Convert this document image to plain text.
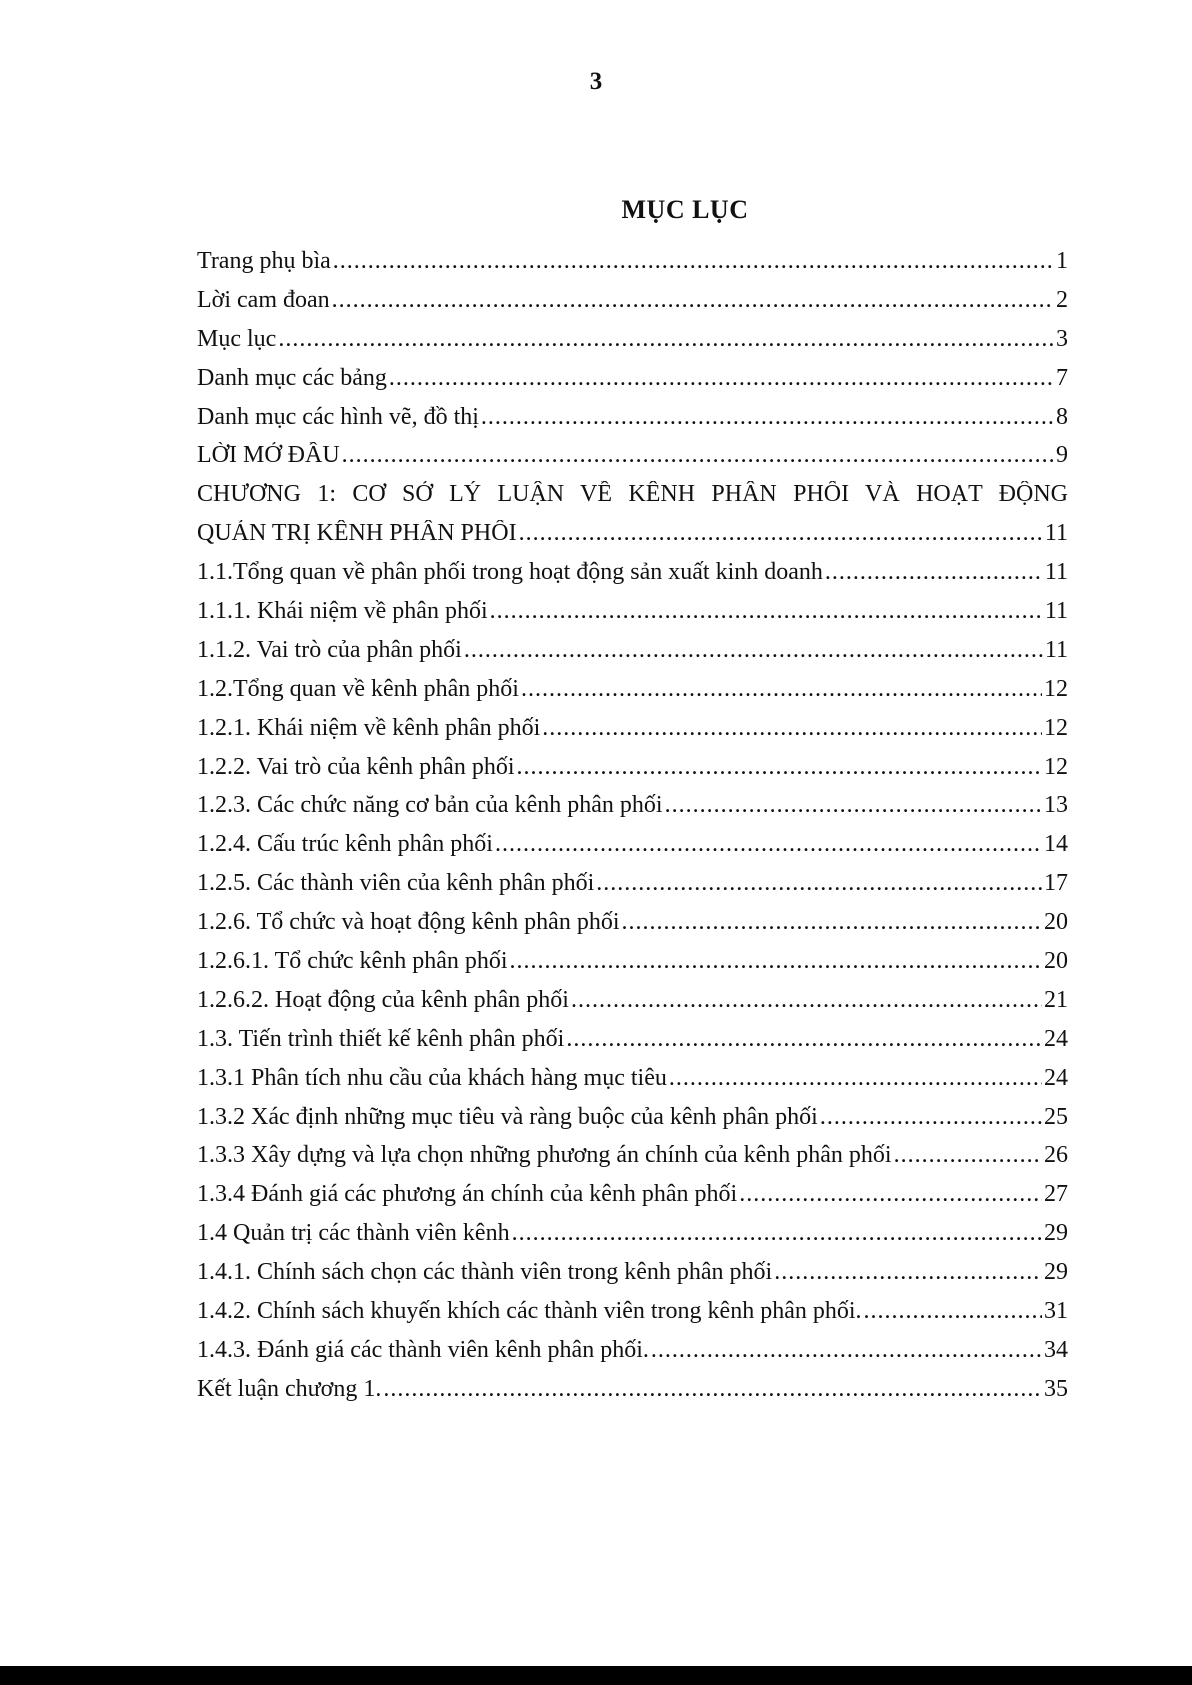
3
MỤC LỤC
Trang phụ bìa .....	1
Lời cam đoan .....	2
Mục lục .....	3
Danh mục các bảng .....	7
Danh mục các hình vẽ, đồ thị .....	8
LỜI MỞ ĐẦU .....	9
CHƯƠNG 1: CƠ SỞ LÝ LUẬN VỀ KÊNH PHÂN PHỐI VÀ HOẠT ĐỘNG
QUẢN TRỊ KÊNH PHÂN PHỐI .....	11
1.1.Tổng quan về phân phối trong hoạt động sản xuất kinh doanh .....	11
1.1.1. Khái niệm về phân phối .....	11
1.1.2. Vai trò của phân phối .....	11
1.2.Tổng quan về kênh phân phối .....	12
1.2.1. Khái niệm về kênh phân phối .....	12
1.2.2. Vai trò của kênh phân phối .....	12
1.2.3. Các chức năng cơ bản của kênh phân phối .....	13
1.2.4. Cấu trúc kênh phân phối .....	14
1.2.5. Các thành viên của kênh phân phối .....	17
1.2.6. Tổ chức và hoạt động kênh phân phối .....	20
1.2.6.1. Tổ chức kênh phân phối .....	20
1.2.6.2. Hoạt động của kênh phân phối .....	21
1.3. Tiến trình thiết kế kênh phân phối .....	24
1.3.1 Phân tích nhu cầu của khách hàng mục tiêu .....	24
1.3.2 Xác định những mục tiêu và ràng buộc của kênh phân phối .....	25
1.3.3 Xây dựng và lựa chọn những phương án chính của kênh phân phối .....	26
1.3.4 Đánh giá các phương án chính của kênh phân phối .....	27
1.4 Quản trị các thành viên kênh .....	29
1.4.1. Chính sách chọn các thành viên trong kênh phân phối .....	29
1.4.2. Chính sách khuyến khích các thành viên trong kênh phân phối. .....	31
1.4.3. Đánh giá các thành viên kênh phân phối. .....	34
Kết luận chương 1. .....	35
